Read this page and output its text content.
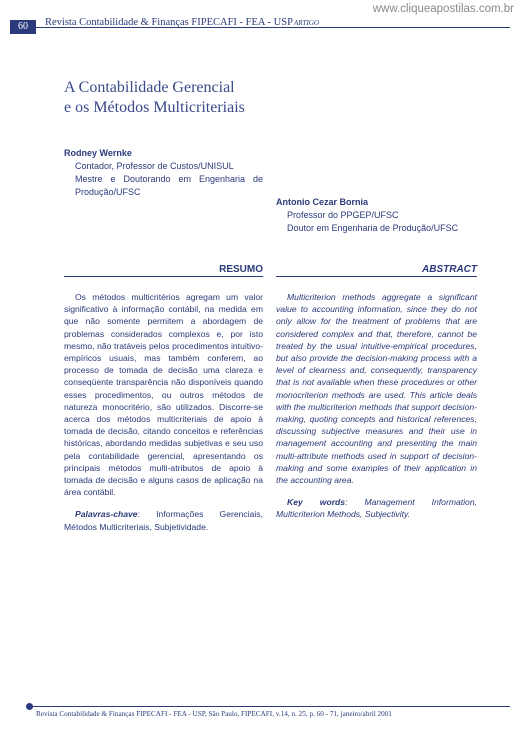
www.cliqueapostilas.com.br
60	Revista Contabilidade & Finanças FIPECAFI - FEA - USP ARTIGO
A Contabilidade Gerencial
e os Métodos Multicriteriais
Rodney Wernke
Contador, Professor de Custos/UNISUL
Mestre e Doutorando em Engenharia de Produção/UFSC
Antonio Cezar Bornia
Professor do PPGEP/UFSC
Doutor em Engenharia de Produção/UFSC
RESUMO	ABSTRACT

Os métodos multicritérios agregam um valor significativo à informação contábil, na medida em que não somente permitem a abordagem de problemas considerados complexos e, por isto mesmo, não tratáveis pelos procedimentos intuitivo-empíricos usuais, mas também conferem, ao processo de tomada de decisão uma clareza e conseqüente transparência não disponíveis quando esses procedimentos, ou outros métodos de natureza monocritério, são utilizados. Discorre-se acerca dos métodos multicriteriais de apoio à tomada de decisão, citando conceitos e referências históricas, abordando medidas subjetivas e seu uso pela contabilidade gerencial, apresentando os principais métodos multi-atributos de apoio à tomada de decisão e alguns casos de aplicação na área contábil.

Palavras-chave: Informações Gerenciais, Métodos Multicriteriais, Subjetividade.

Multicriterion methods aggregate a significant value to accounting information, since they do not only allow for the treatment of problems that are considered complex and that, therefore, cannot be treated by the usual intuitive-empirical procedures, but also provide the decision-making process with a level of clearness and, consequently, transparency that is not available when these procedures or other monocriterion methods are used. This article deals with the multicriterion methods that support decision-making, quoting concepts and historical references, discussing subjective measures and their use in management accounting and presenting the main multi-attribute methods used in support of decision-making and some examples of their application in the accounting area.

Key words: Management Information, Multicriterion Methods, Subjectivity.

Revista Contabilidade & Finanças FIPECAFI - FEA - USP, São Paulo, FIPECAFI, v.14, n. 25, p. 60 - 71, janeiro/abril 2001
